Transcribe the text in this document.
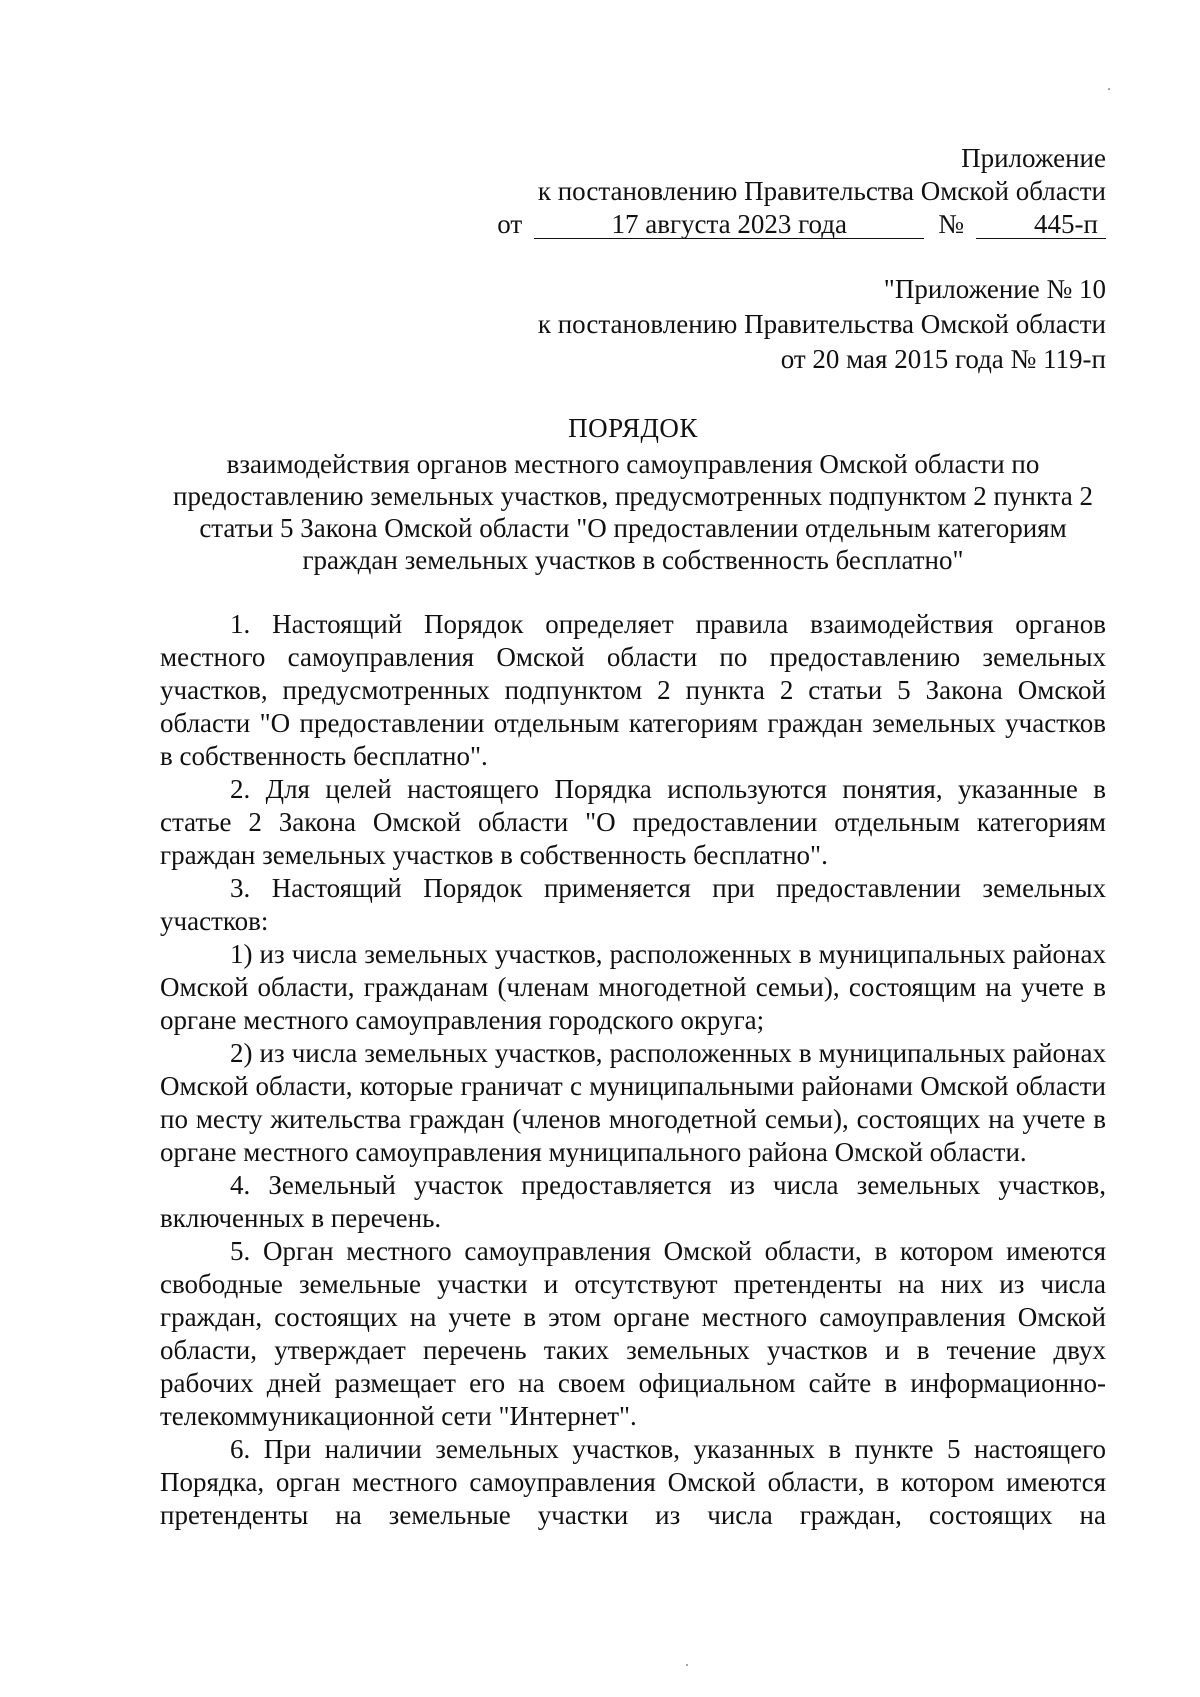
Приложение
к постановлению Правительства Омской области
от	17 августа 2023 года	№	445-п
"Приложение № 10
к постановлению Правительства Омской области
от 20 мая 2015 года № 119-п
ПОРЯДОК
взаимодействия органов местного самоуправления Омской области по предоставлению земельных участков, предусмотренных подпунктом 2 пункта 2 статьи 5 Закона Омской области "О предоставлении отдельным категориям граждан земельных участков в собственность бесплатно"

1. Настоящий Порядок определяет правила взаимодействия органов местного самоуправления Омской области по предоставлению земельных участков, предусмотренных подпунктом 2 пункта 2 статьи 5 Закона Омской области "О предоставлении отдельным категориям граждан земельных участков в собственность бесплатно".

2. Для целей настоящего Порядка используются понятия, указанные в статье 2 Закона Омской области "О предоставлении отдельным категориям граждан земельных участков в собственность бесплатно".

3. Настоящий Порядок применяется при предоставлении земельных участков:

1) из числа земельных участков, расположенных в муниципальных районах Омской области, гражданам (членам многодетной семьи), состоящим на учете в органе местного самоуправления городского округа;

2) из числа земельных участков, расположенных в муниципальных районах Омской области, которые граничат с муниципальными районами Омской области по месту жительства граждан (членов многодетной семьи), состоящих на учете в органе местного самоуправления муниципального района Омской области.

4. Земельный участок предоставляется из числа земельных участков, включенных в перечень.

5. Орган местного самоуправления Омской области, в котором имеются свободные земельные участки и отсутствуют претенденты на них из числа граждан, состоящих на учете в этом органе местного самоуправления Омской области, утверждает перечень таких земельных участков и в течение двух рабочих дней размещает его на своем официальном сайте в информационно-телекоммуникационной сети "Интернет".

6. При наличии земельных участков, указанных в пункте 5 настоящего Порядка, орган местного самоуправления Омской области, в котором имеются претенденты на земельные участки из числа граждан, состоящих на
